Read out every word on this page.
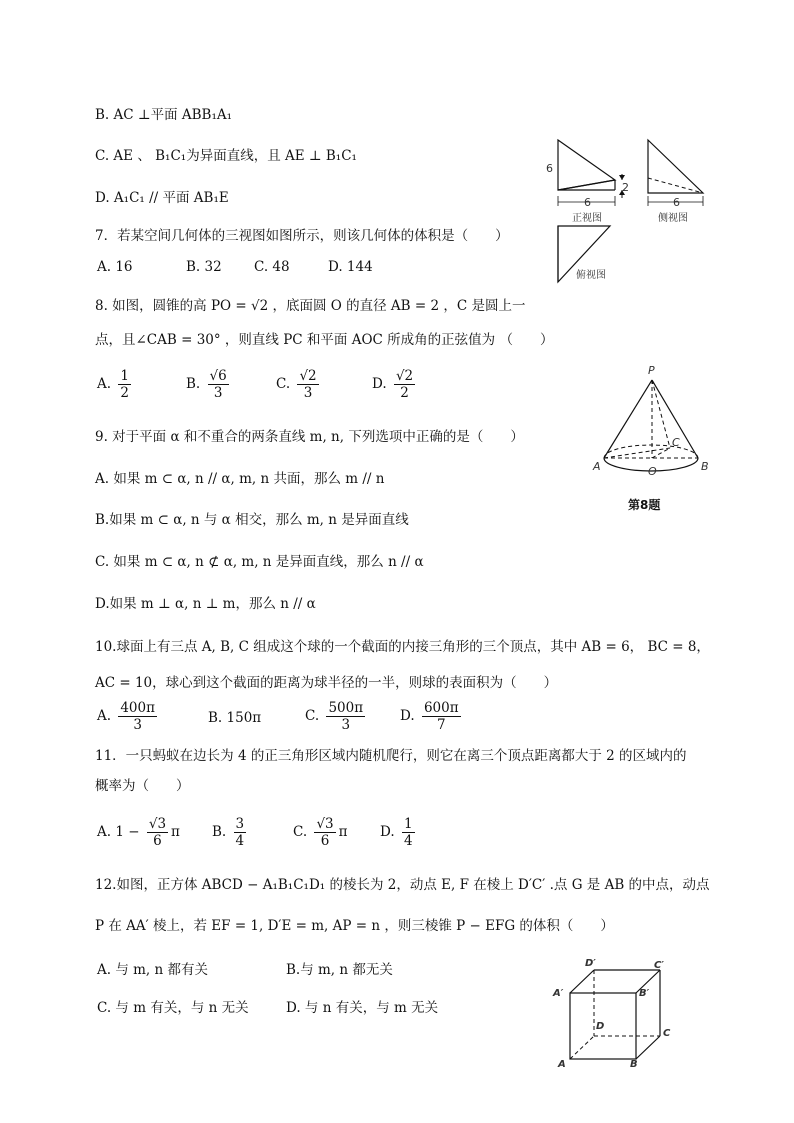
B. AC ⊥平面 ABB₁A₁
C. AE 、 B₁C₁为异面直线，且 AE ⊥ B₁C₁
D. A₁C₁ // 平面 AB₁E
6
2
6	6
正视图	侧视图
俯视图
7．若某空间几何体的三视图如图所示，则该几何体的体积是（　　）
A. 16	B. 32 C. 48	D. 144
8. 如图，圆锥的高 PO = √2 ，底面圆 O 的直径 AB = 2 ，C 是圆上一
点，且∠CAB = 30° ，则直线 PC 和平面 AOC 所成角的正弦值为 （　　）
A. $\frac{1}{2}$	B. $\frac{√6}{3}$	C. $\frac{√2}{3}$	D. $\frac{√2}{2}$	P
A	B
O
C
第8题
9. 对于平面 α 和不重合的两条直线 m, n, 下列选项中正确的是（　　）
A. 如果 m ⊂ α, n // α, m, n 共面，那么 m // n
B.如果 m ⊂ α, n 与 α 相交，那么 m, n 是异面直线
C. 如果 m ⊂ α, n ⊄ α, m, n 是异面直线，那么 n // α
D.如果 m ⊥ α, n ⊥ m，那么 n // α
10.球面上有三点 A, B, C 组成这个球的一个截面的内接三角形的三个顶点，其中 AB = 6， BC = 8，
AC = 10，球心到这个截面的距离为球半径的一半，则球的表面积为（　　）
A. $\frac{400\pi}{3}$	B. 150π	C. $\frac{500\pi}{3}$	D. $\frac{600\pi}{7}$
11．一只蚂蚁在边长为 4 的正三角形区域内随机爬行，则它在离三个顶点距离都大于 2 的区域内的
概率为（　　）
A. $1 - \frac{√3}{6}$ π B. $\frac{3}{4}$	C. $\frac{√3}{6}$ π D. $\frac{1}{4}$
12.如图，正方体 ABCD − A₁B₁C₁D₁ 的棱长为 2，动点 E, F 在棱上 D′C′ .点 G 是 AB 的中点，动点
P 在 AA′ 棱上，若 EF = 1, D′E = m, AP = n ，则三棱锥 P − EFG 的体积（　　）
A. 与 m, n 都有关	B.与 m, n 都无关
C. 与 m 有关，与 n 无关	D. 与 n 有关，与 m 无关
D′	C′
A′	B′
D
C
A	B
